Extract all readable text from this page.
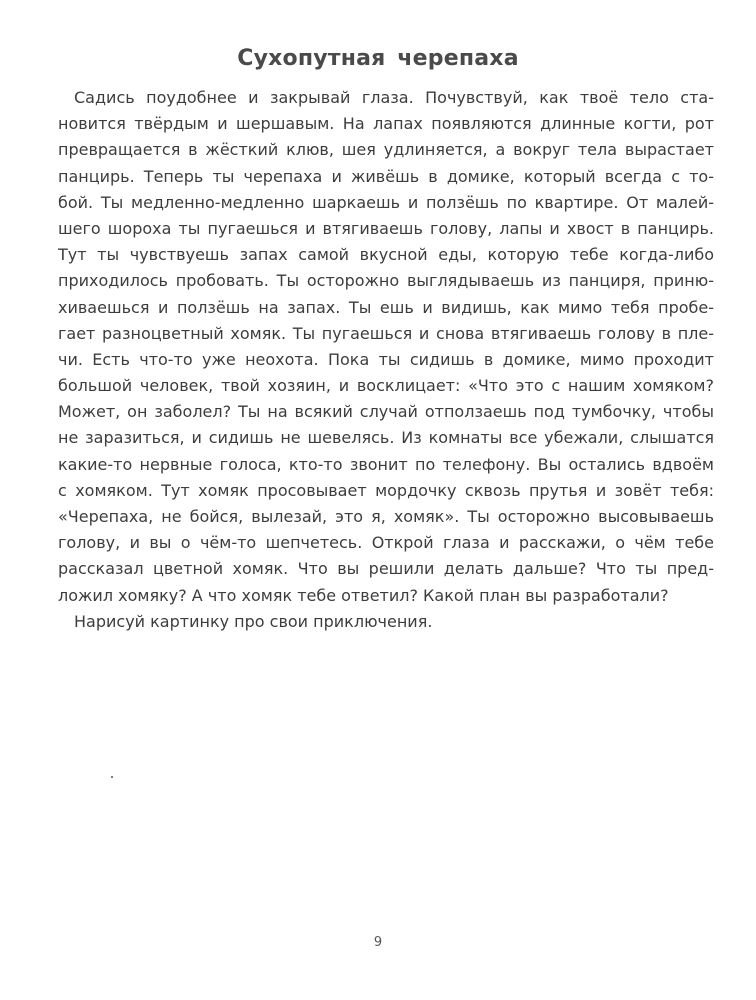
Сухопутная черепаха
Садись поудобнее и закрывай глаза. Почувствуй, как твоё тело ста-
новится твёрдым и шершавым. На лапах появляются длинные когти, рот
превращается в жёсткий клюв, шея удлиняется, а вокруг тела вырастает
панцирь. Теперь ты черепаха и живёшь в домике, который всегда с то-
бой. Ты медленно-медленно шаркаешь и ползёшь по квартире. От малей-
шего шороха ты пугаешься и втягиваешь голову, лапы и хвост в панцирь.
Тут ты чувствуешь запах самой вкусной еды, которую тебе когда-либо
приходилось пробовать. Ты осторожно выглядываешь из панциря, приню-
хиваешься и ползёшь на запах. Ты ешь и видишь, как мимо тебя пробе-
гает разноцветный хомяк. Ты пугаешься и снова втягиваешь голову в пле-
чи. Есть что-то уже неохота. Пока ты сидишь в домике, мимо проходит
большой человек, твой хозяин, и восклицает: «Что это с нашим хомяком?
Может, он заболел? Ты на всякий случай отползаешь под тумбочку, чтобы
не заразиться, и сидишь не шевелясь. Из комнаты все убежали, слышатся
какие-то нервные голоса, кто-то звонит по телефону. Вы остались вдвоём
с хомяком. Тут хомяк просовывает мордочку сквозь прутья и зовёт тебя:
«Черепаха, не бойся, вылезай, это я, хомяк». Ты осторожно высовываешь
голову, и вы о чём-то шепчетесь. Открой глаза и расскажи, о чём тебе
рассказал цветной хомяк. Что вы решили делать дальше? Что ты пред-
ложил хомяку? А что хомяк тебе ответил? Какой план вы разработали?
Нарисуй картинку про свои приключения.
9
